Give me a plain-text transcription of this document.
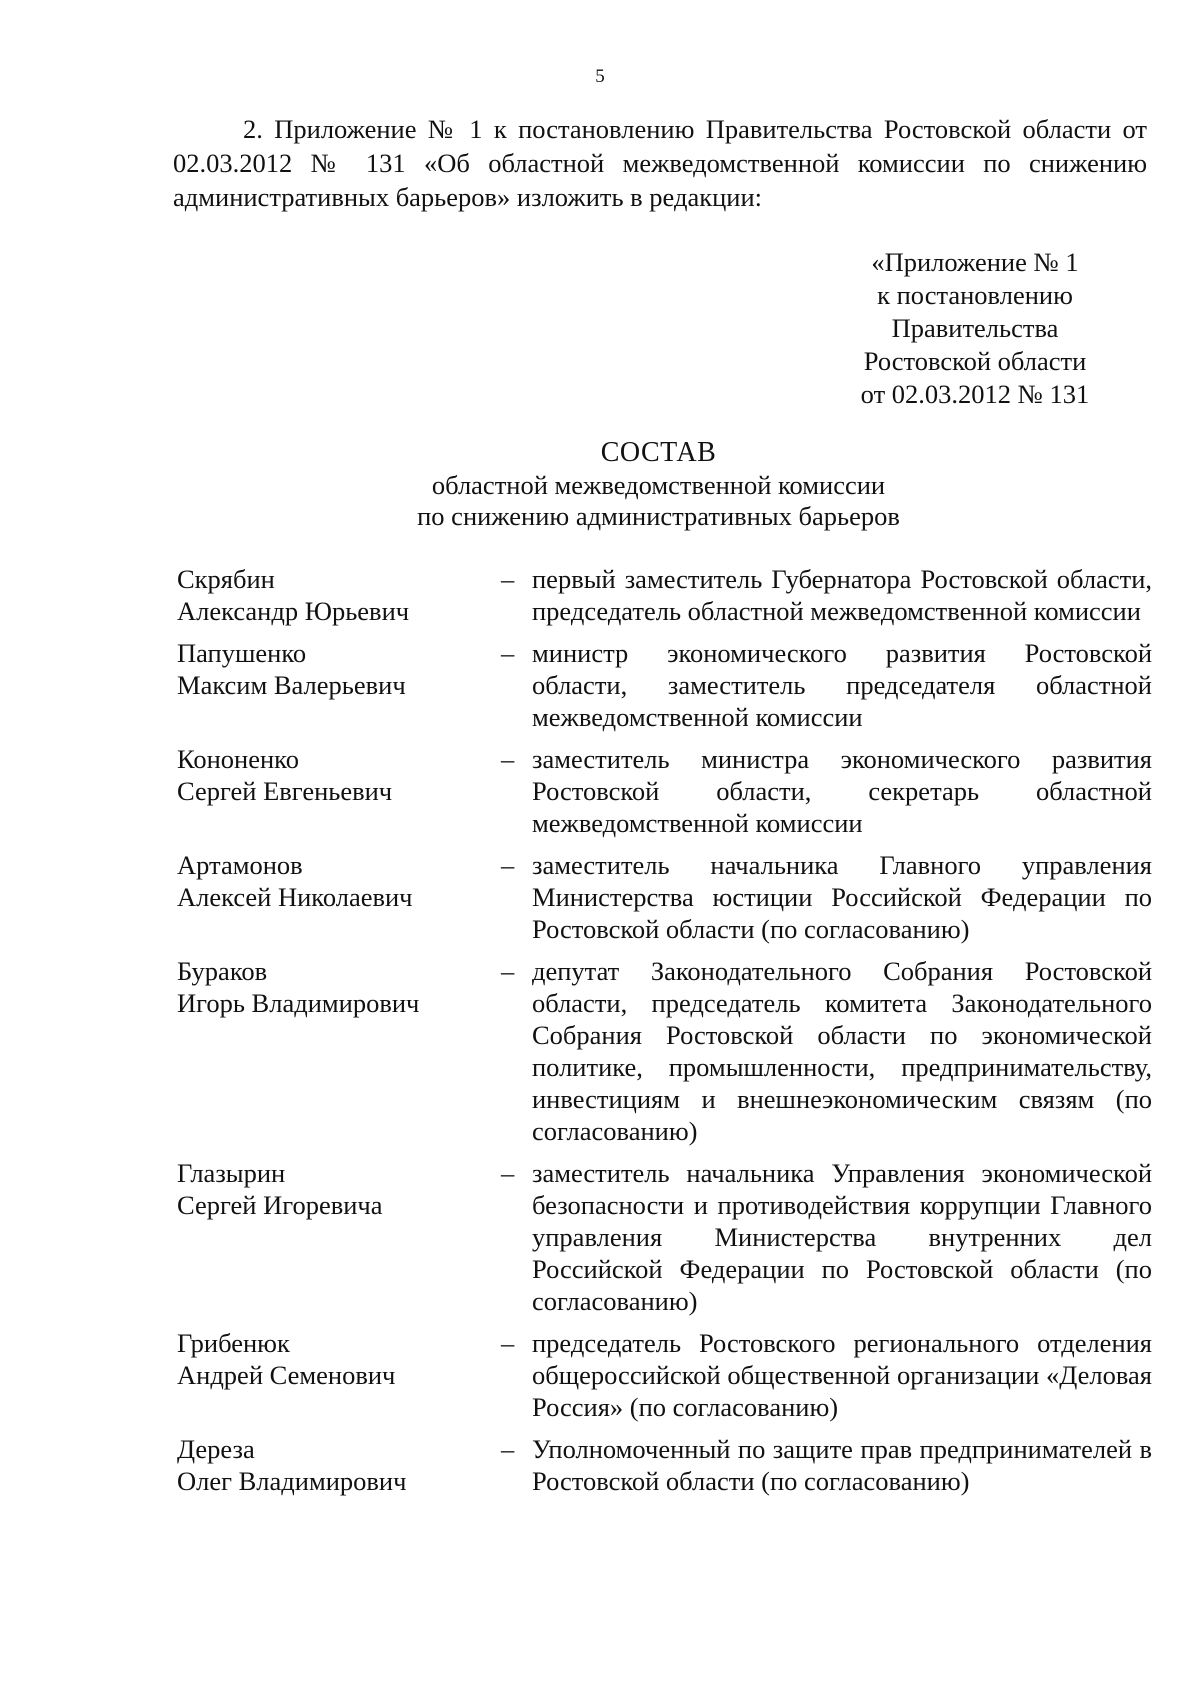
5

2. Приложение № 1 к постановлению Правительства Ростовской области от 02.03.2012 № 131 «Об областной межведомственной комиссии по снижению административных барьеров» изложить в редакции:

«Приложение № 1
к постановлению
Правительства
Ростовской области
от 02.03.2012 № 131
СОСТАВ
областной межведомственной комиссии
по снижению административных барьеров
Скрябин
Александр Юрьевич
– первый заместитель Губернатора Ростовской области, председатель областной межведомственной комиссии
Папушенко
Максим Валерьевич
– министр экономического развития Ростовской области, заместитель председателя областной межведомственной комиссии
Кононенко
Сергей Евгеньевич
– заместитель министра экономического развития Ростовской области, секретарь областной межведомственной комиссии
Артамонов
Алексей Николаевич
– заместитель начальника Главного управления Министерства юстиции Российской Федерации по Ростовской области (по согласованию)
Бураков
Игорь Владимирович
– депутат Законодательного Собрания Ростовской области, председатель комитета Законодательного Собрания Ростовской области по экономической политике, промышленности, предпринимательству, инвестициям и внешнеэкономическим связям (по согласованию)
Глазырин
Сергей Игоревича
– заместитель начальника Управления экономической безопасности и противодействия коррупции Главного управления Министерства внутренних дел Российской Федерации по Ростовской области (по согласованию)
Грибенюк
Андрей Семенович
– председатель Ростовского регионального отделения общероссийской общественной организации «Деловая Россия» (по согласованию)
Дереза
Олег Владимирович
– Уполномоченный по защите прав предпринимателей в Ростовской области (по согласованию)
